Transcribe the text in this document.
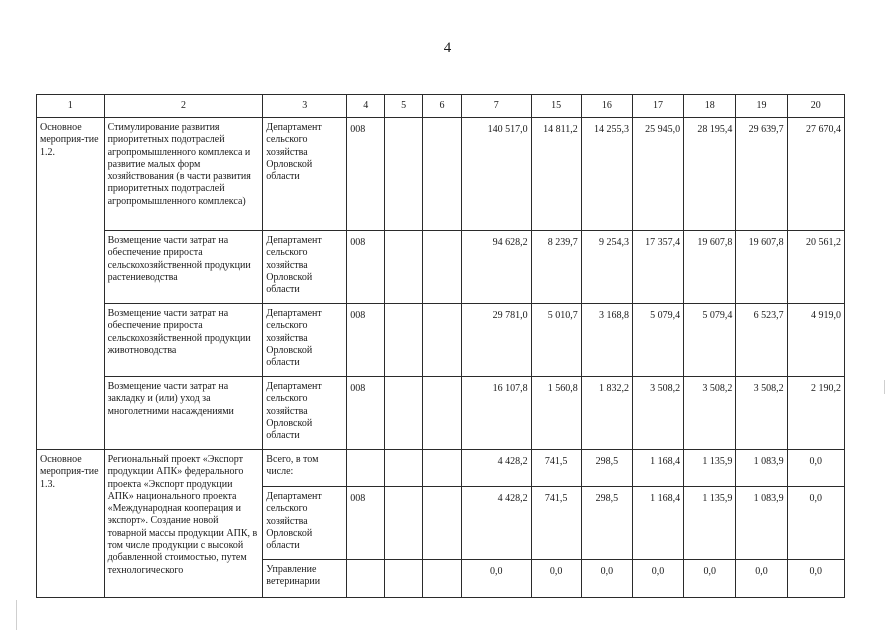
4
1	2	3	4	5	6	7	15	16	17	18	19	20
Основное мероприя-тие 1.2.	Стимулирование развития приоритетных подотраслей агропромышленного комплекса и развитие малых форм хозяйствования (в части развития приоритетных подотраслей агропромышленного комплекса)	Департамент сельского хозяйства Орловской области	008			140 517,0	14 811,2	14 255,3	25 945,0	28 195,4	29 639,7	27 670,4
	Возмещение части затрат на обеспечение прироста сельскохозяйственной продукции растениеводства	Департамент сельского хозяйства Орловской области	008			94 628,2	8 239,7	9 254,3	17 357,4	19 607,8	19 607,8	20 561,2
	Возмещение части затрат на обеспечение прироста сельскохозяйственной продукции животноводства	Департамент сельского хозяйства Орловской области	008			29 781,0	5 010,7	3 168,8	5 079,4	5 079,4	6 523,7	4 919,0
	Возмещение части затрат на закладку и (или) уход за многолетними насаждениями	Департамент сельского хозяйства Орловской области	008			16 107,8	1 560,8	1 832,2	3 508,2	3 508,2	3 508,2	2 190,2
Основное мероприя-тие 1.3.	Региональный проект «Экспорт продукции АПК» федерального проекта «Экспорт продукции АПК» национального проекта «Международная кооперация и экспорт». Создание новой товарной массы продукции АПК, в том числе продукции с высокой добавленной стоимостью, путем технологического	Всего, в том числе:				4 428,2	741,5	298,5	1 168,4	1 135,9	1 083,9	0,0
		Департамент сельского хозяйства Орловской области	008			4 428,2	741,5	298,5	1 168,4	1 135,9	1 083,9	0,0
		Управление ветеринарии				0,0	0,0	0,0	0,0	0,0	0,0	0,0
